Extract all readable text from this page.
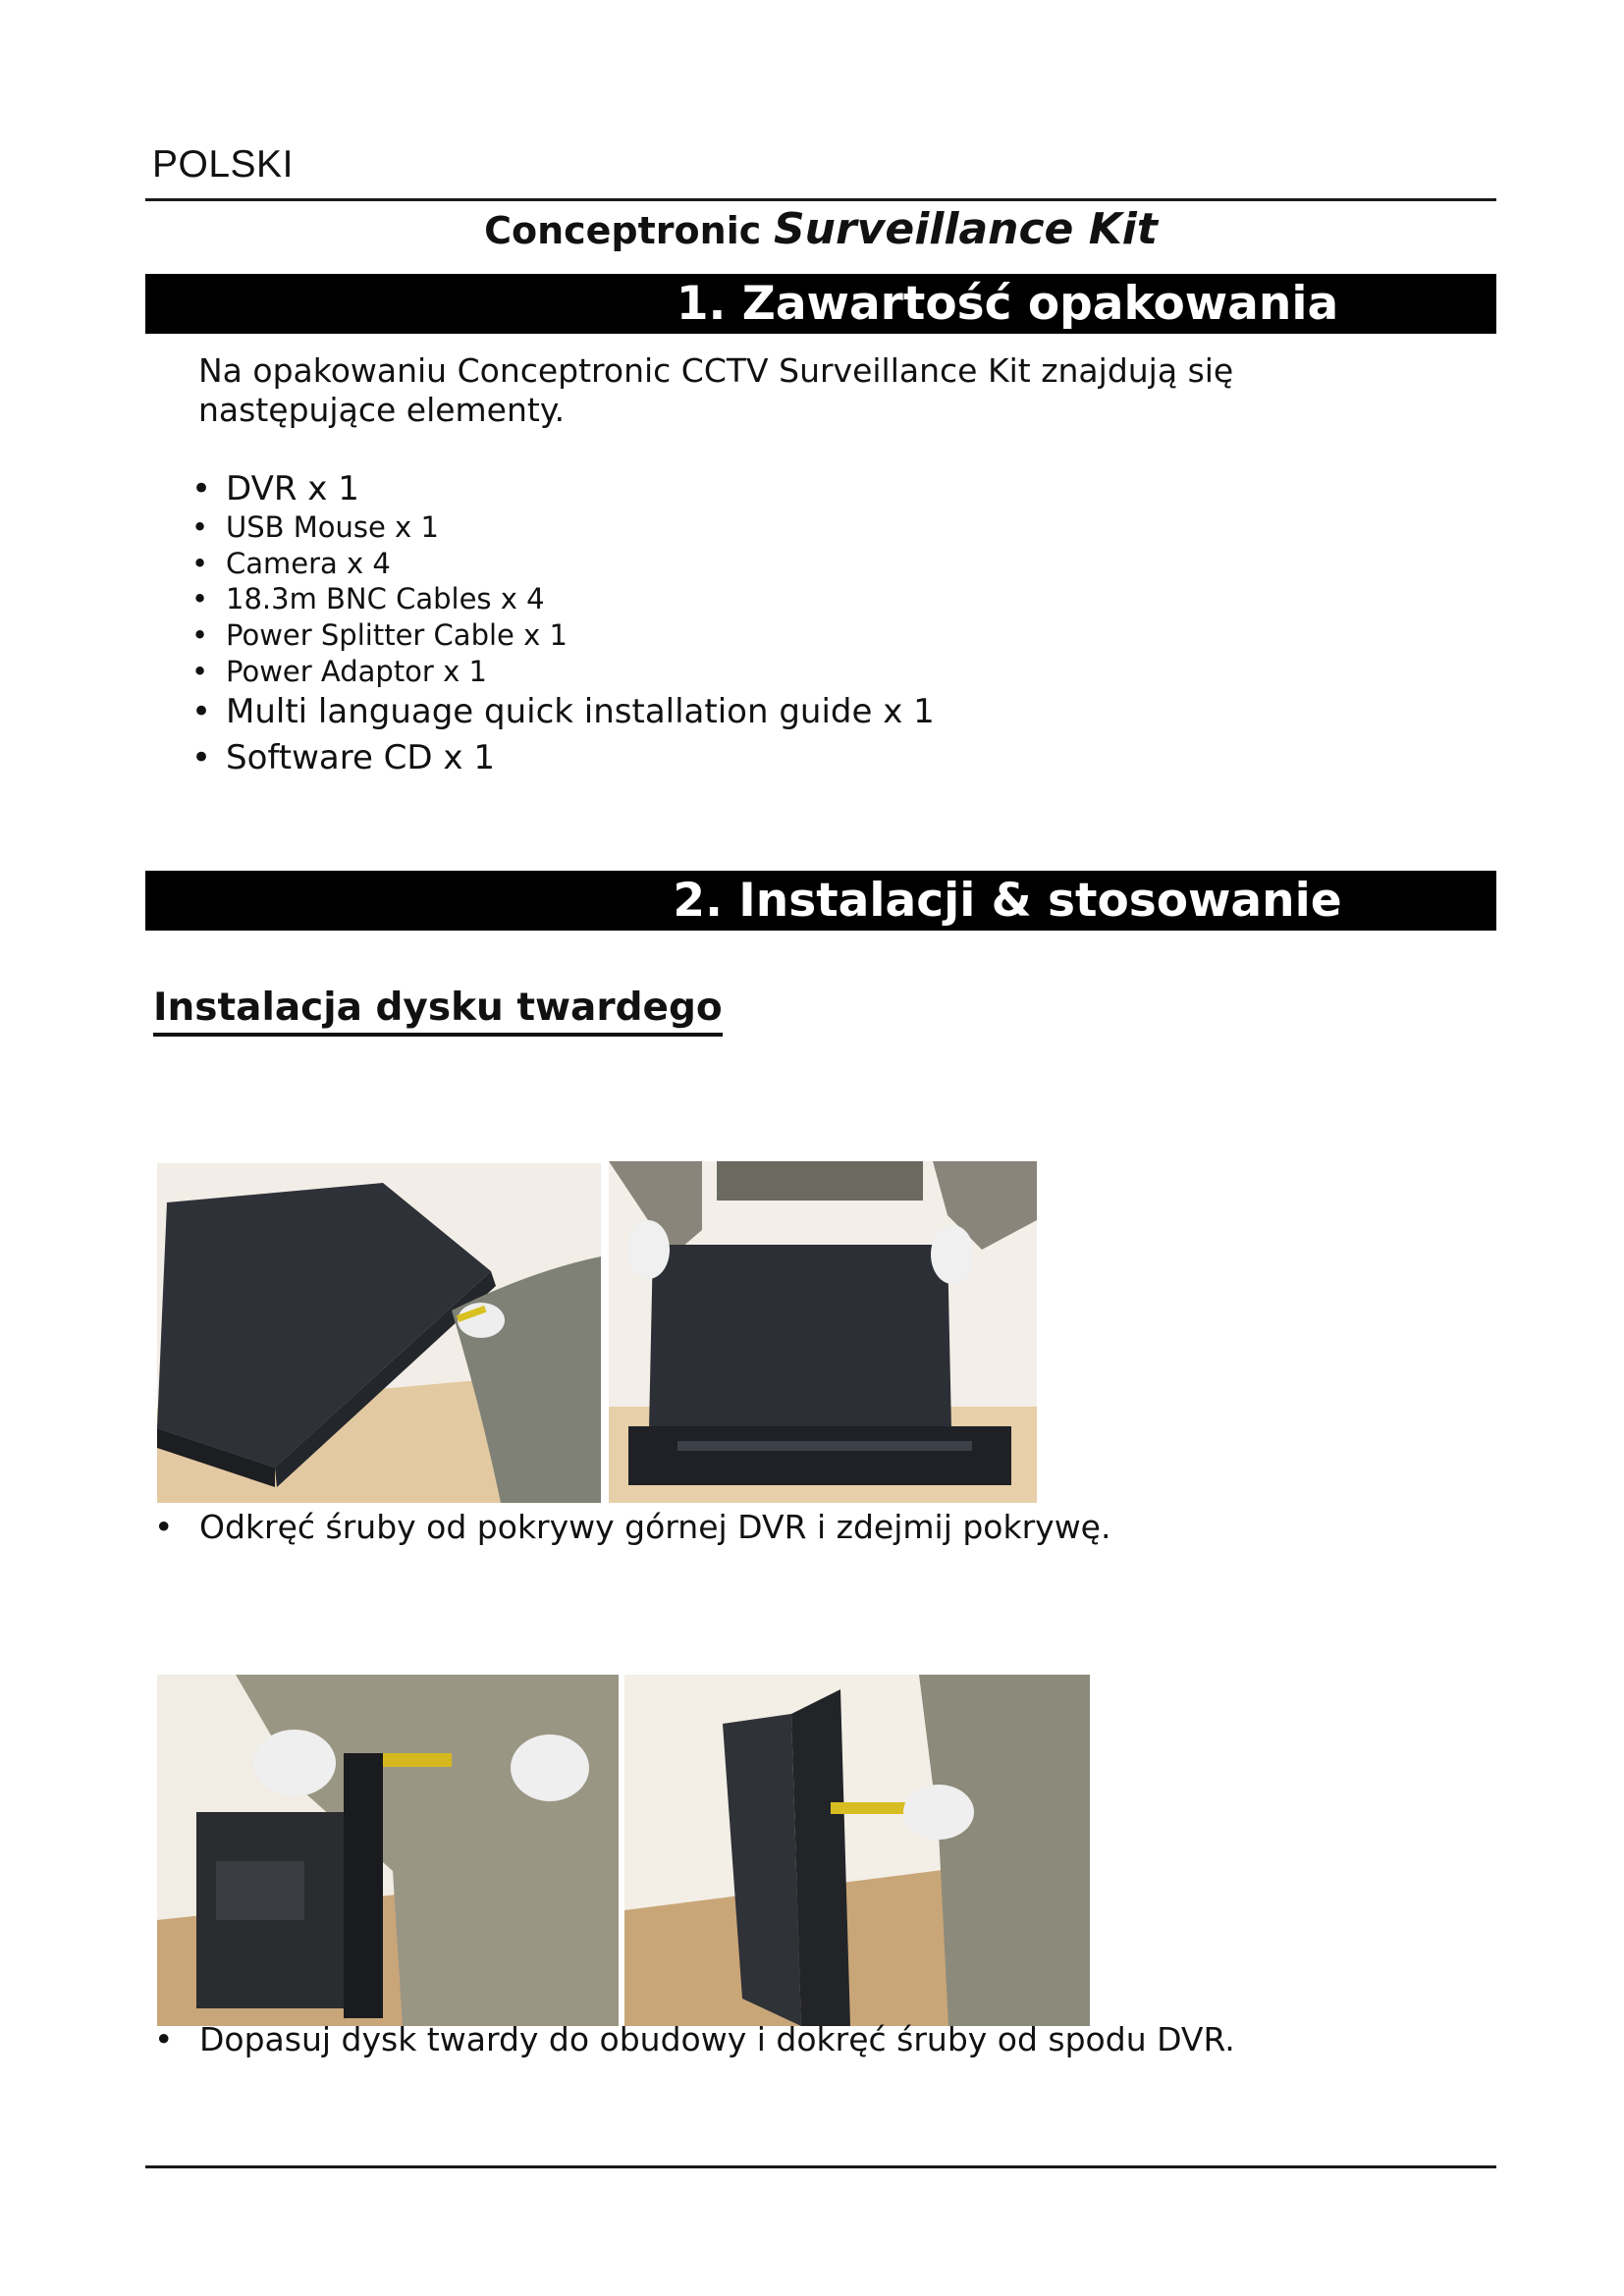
POLSKI
Conceptronic Surveillance Kit
1. Zawartość opakowania
Na opakowaniu Conceptronic CCTV Surveillance Kit znajdują się następujące elementy.
• DVR x 1
• USB Mouse x 1
• Camera x 4
• 18.3m BNC Cables x 4
• Power Splitter Cable x 1
• Power Adaptor x 1
• Multi language quick installation guide x 1
• Software CD x 1
2. Instalacji & stosowanie
Instalacja dysku twardego
• Odkręć śruby od pokrywy górnej DVR i zdejmij pokrywę.
• Dopasuj dysk twardy do obudowy i dokręć śruby od spodu DVR.
